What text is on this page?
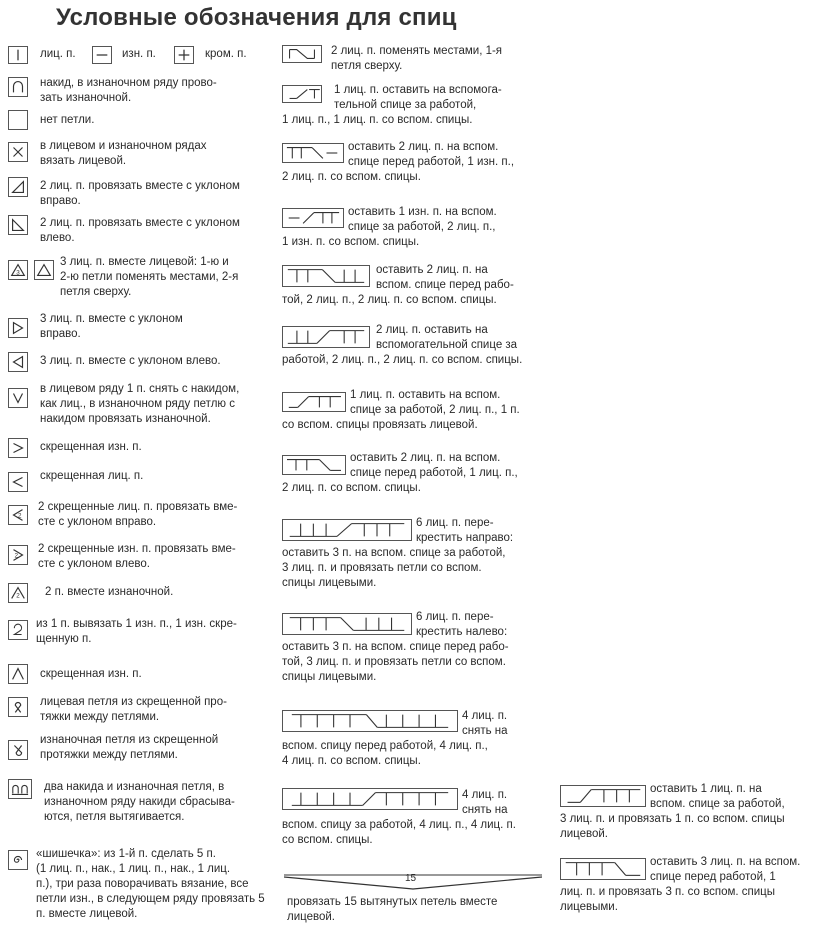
Условные обозначения для спиц
лиц. п.	изн. п.	кром. п.
накид, в изнаночном ряду прово-
зать изнаночной.
нет петли.
в лицевом и изнаночном рядах
вязать лицевой.
2 лиц. п. провязать вместе с уклоном
вправо.
2 лиц. п. провязать вместе с уклоном
влево.
3
3 лиц. п. вместе лицевой: 1-ю и
2-ю петли поменять местами, 2-я
петля сверху.
3 лиц. п. вместе с уклоном
вправо.
3 лиц. п. вместе с уклоном влево.
в лицевом ряду 1 п. снять с накидом,
как лиц., в изнаночном ряду петлю с
накидом провязать изнаночной.
скрещенная изн. п.
скрещенная лиц. п.
2
2 скрещенные лиц. п. провязать вме-
сте с уклоном вправо.
2
2 скрещенные изн. п. провязать вме-
сте с уклоном влево.
2 2 п. вместе изнаночной.
из 1 п. вывязать 1 изн. п., 1 изн. скре-
щенную п.
скрещенная изн. п.
лицевая петля из скрещенной про-
тяжки между петлями.
изнаночная петля из скрещенной
протяжки между петлями.
два накида и изнаночная петля, в
изнаночном ряду накиди сбрасыва-
ются, петля вытягивается.
«шишечка»: из 1-й п. сделать 5 п.
(1 лиц. п., нак., 1 лиц. п., нак., 1 лиц.
п.), три раза поворачивать вязание, все
петли изн., в следующем ряду провязать 5
п. вместе лицевой.
2 лиц. п. поменять местами, 1-я
петля сверху.
1 лиц. п. оставить на вспомога-
тельной спице за работой,
1 лиц. п., 1 лиц. п. со вспом. спицы.
оставить 2 лиц. п. на вспом.
спице перед работой, 1 изн. п.,
2 лиц. п. со вспом. спицы.
оставить 1 изн. п. на вспом.
спице за работой, 2 лиц. п.,
1 изн. п. со вспом. спицы.
оставить 2 лиц. п. на
вспом. спице перед рабо-
той, 2 лиц. п., 2 лиц. п. со вспом. спицы.
2 лиц. п. оставить на
вспомогательной спице за
работой, 2 лиц. п., 2 лиц. п. со вспом. спицы.
1 лиц. п. оставить на вспом.
спице за работой, 2 лиц. п., 1 п.
со вспом. спицы провязать лицевой.
оставить 2 лиц. п. на вспом.
спице перед работой, 1 лиц. п.,
2 лиц. п. со вспом. спицы.
6 лиц. п. пере-
крестить направо:
оставить 3 п. на вспом. спице за работой,
3 лиц. п. и провязать петли со вспом.
спицы лицевыми.
6 лиц. п. пере-
крестить налево:
оставить 3 п. на вспом. спице перед рабо-
той, 3 лиц. п. и провязать петли со вспом.
спицы лицевыми.
4 лиц. п.
снять на
вспом. спицу перед работой, 4 лиц. п.,
4 лиц. п. со вспом. спицы.
4 лиц. п.
снять на
вспом. спицу за работой, 4 лиц. п., 4 лиц. п.
со вспом. спицы.
15
провязать 15 вытянутых петель вместе
лицевой.
оставить 1 лиц. п. на
вспом. спице за работой,
3 лиц. п. и провязать 1 п. со вспом. спицы
лицевой.
оставить 3 лиц. п. на вспом.
спице перед работой, 1
лиц. п. и провязать 3 п. со вспом. спицы
лицевыми.
